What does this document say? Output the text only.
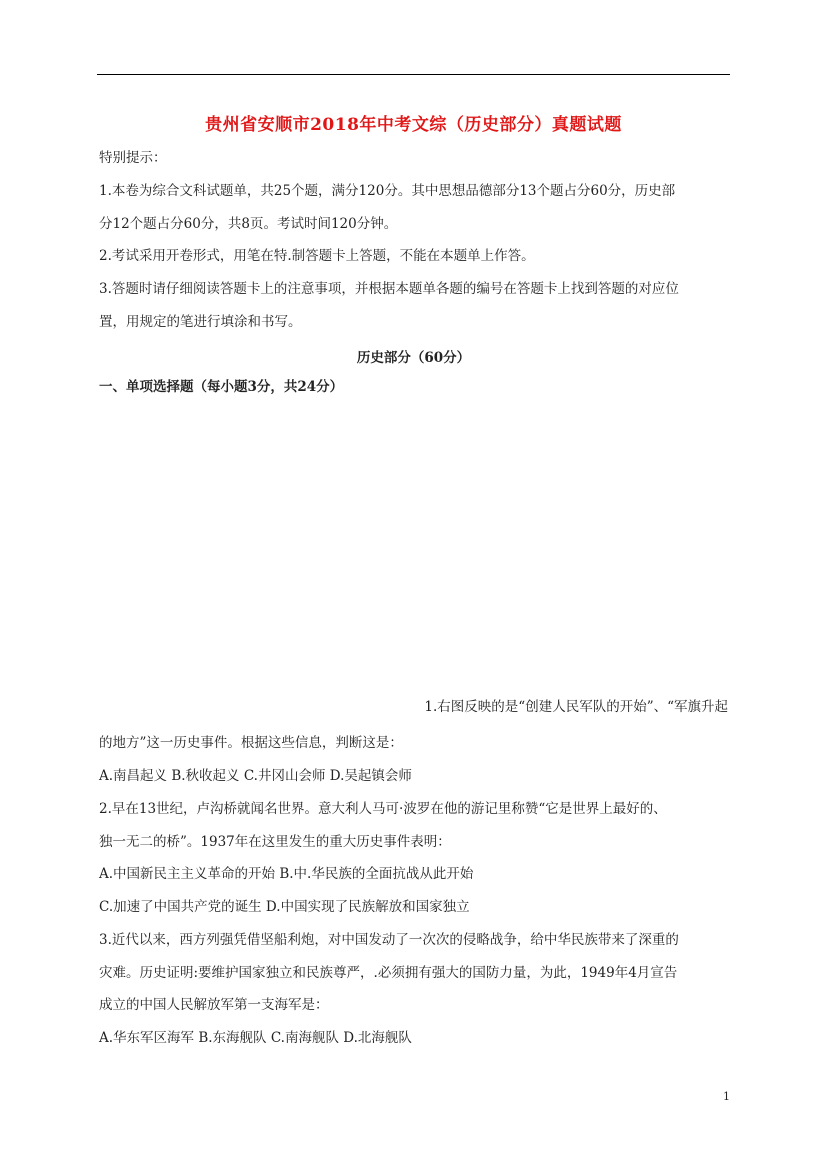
贵州省安顺市2018年中考文综（历史部分）真题试题
特别提示：
1.本卷为综合文科试题单，共25个题，满分120分。其中思想品德部分13个题占分60分，历史部
分12个题占分60分，共8页。考试时间120分钟。
2.考试采用开卷形式，用笔在特.制答题卡上答题，不能在本题单上作答。
3.答题时请仔细阅读答题卡上的注意事项，并根据本题单各题的编号在答题卡上找到答题的对应位
置，用规定的笔进行填涂和书写。
历史部分（60分）
一、单项选择题（每小题3分，共24分）
1.右图反映的是“创建人民军队的开始”、“军旗升起
的地方”这一历史事件。根据这些信息，判断这是：
A.南昌起义 B.秋收起义 C.井冈山会师 D.吴起镇会师
2.早在13世纪，卢沟桥就闻名世界。意大利人马可·波罗在他的游记里称赞“它是世界上最好的、
独一无二的桥”。1937年在这里发生的重大历史事件表明：
A.中国新民主主义革命的开始 B.中.华民族的全面抗战从此开始
C.加速了中国共产党的诞生 D.中国实现了民族解放和国家独立
3.近代以来，西方列强凭借坚船利炮，对中国发动了一次次的侵略战争，给中华民族带来了深重的
灾难。历史证明:要维护国家独立和民族尊严，.必须拥有强大的国防力量，为此，1949年4月宣告
成立的中国人民解放军第一支海军是：
A.华东军区海军 B.东海舰队 C.南海舰队 D.北海舰队
1
